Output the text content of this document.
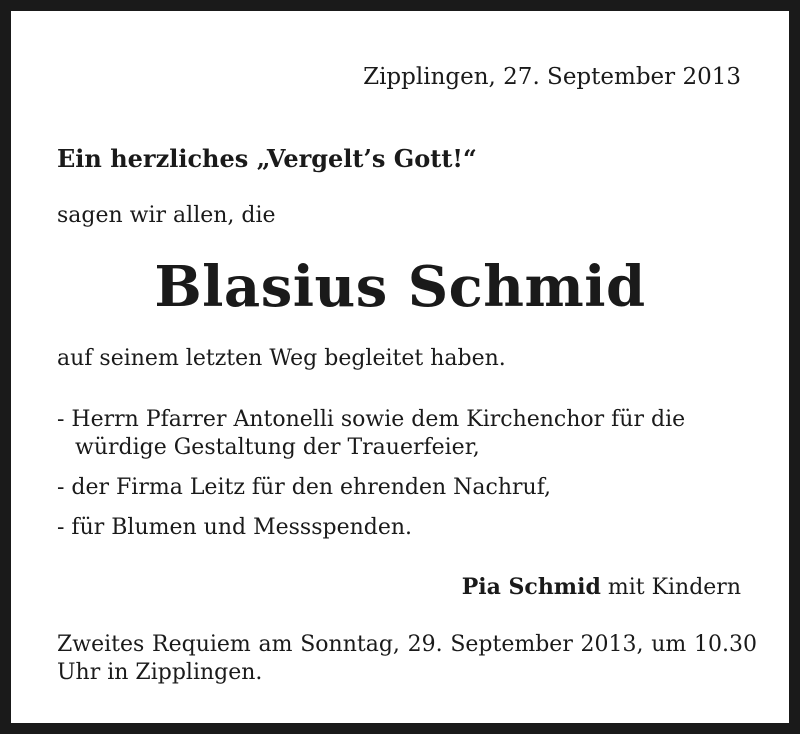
Zipplingen, 27. September 2013
Ein herzliches „Vergelt’s Gott!“
sagen wir allen, die
Blasius Schmid
auf seinem letzten Weg begleitet haben.
- Herrn Pfarrer Antonelli sowie dem Kirchenchor für die würdige Gestaltung der Trauerfeier,
- der Firma Leitz für den ehrenden Nachruf,
- für Blumen und Messspenden.
Pia Schmid mit Kindern
Zweites Requiem am Sonntag, 29. September 2013, um 10.30 Uhr in Zipplingen.
